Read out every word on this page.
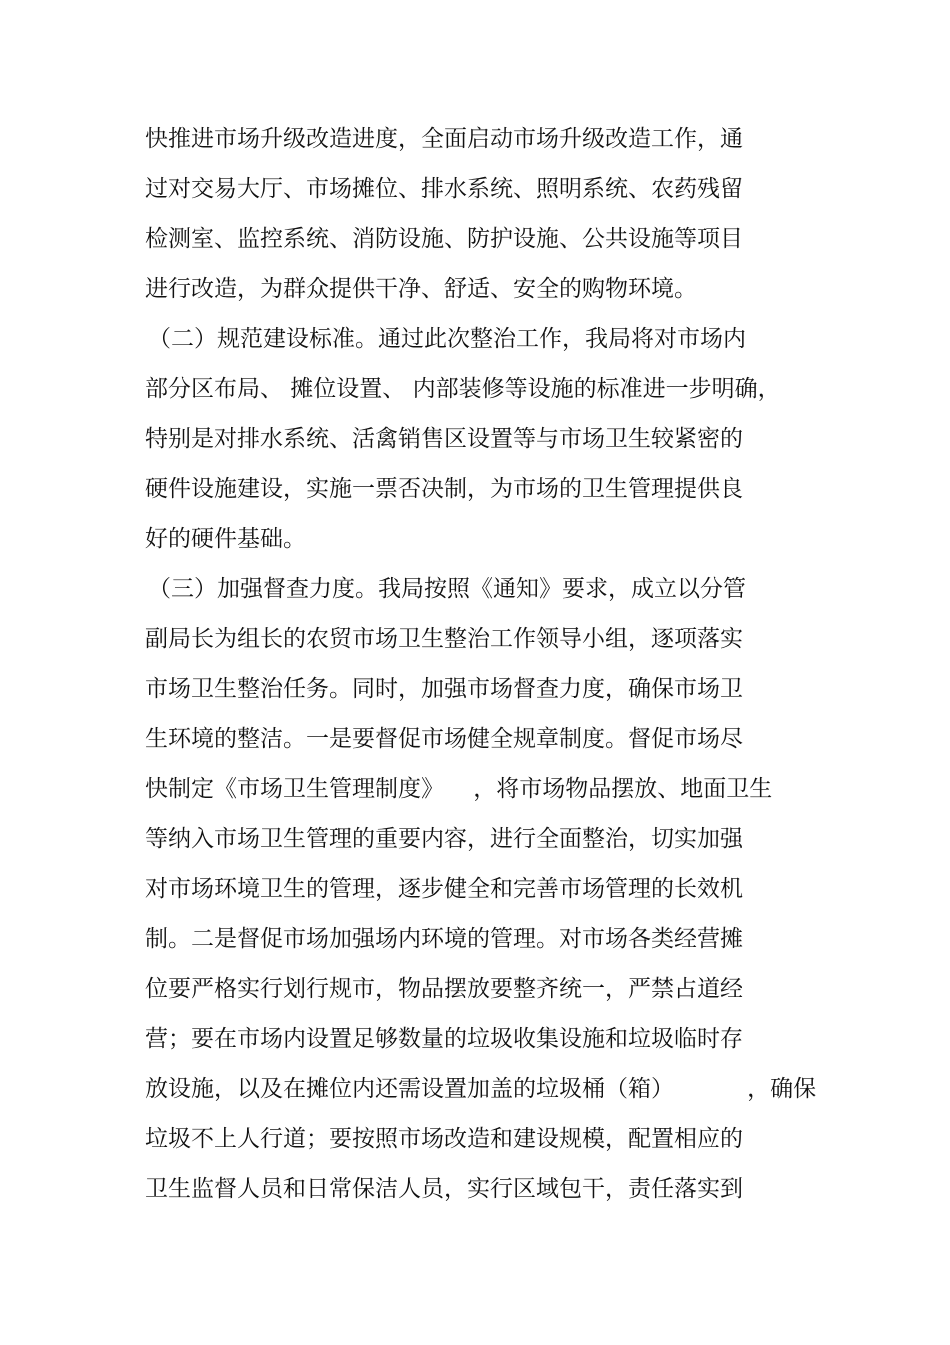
快推进市场升级改造进度，全面启动市场升级改造工作，通
过对交易大厅、市场摊位、排水系统、照明系统、农药残留
检测室、监控系统、消防设施、防护设施、公共设施等项目
进行改造，为群众提供干净、舒适、安全的购物环境。
（二）规范建设标准。通过此次整治工作，我局将对市场内
部分区布局、 摊位设置、 内部装修等设施的标准进一步明确，
特别是对排水系统、活禽销售区设置等与市场卫生较紧密的
硬件设施建设，实施一票否决制，为市场的卫生管理提供良
好的硬件基础。
（三）加强督查力度。我局按照《通知》要求，成立以分管
副局长为组长的农贸市场卫生整治工作领导小组，逐项落实
市场卫生整治任务。同时，加强市场督查力度，确保市场卫
生环境的整洁。一是要督促市场健全规章制度。督促市场尽
快制定《市场卫生管理制度》    ，将市场物品摆放、地面卫生
等纳入市场卫生管理的重要内容，进行全面整治，切实加强
对市场环境卫生的管理，逐步健全和完善市场管理的长效机
制。二是督促市场加强场内环境的管理。对市场各类经营摊
位要严格实行划行规市，物品摆放要整齐统一，严禁占道经
营；要在市场内设置足够数量的垃圾收集设施和垃圾临时存
放设施，以及在摊位内还需设置加盖的垃圾桶（箱）          ，确保
垃圾不上人行道；要按照市场改造和建设规模，配置相应的
卫生监督人员和日常保洁人员，实行区域包干，责任落实到
